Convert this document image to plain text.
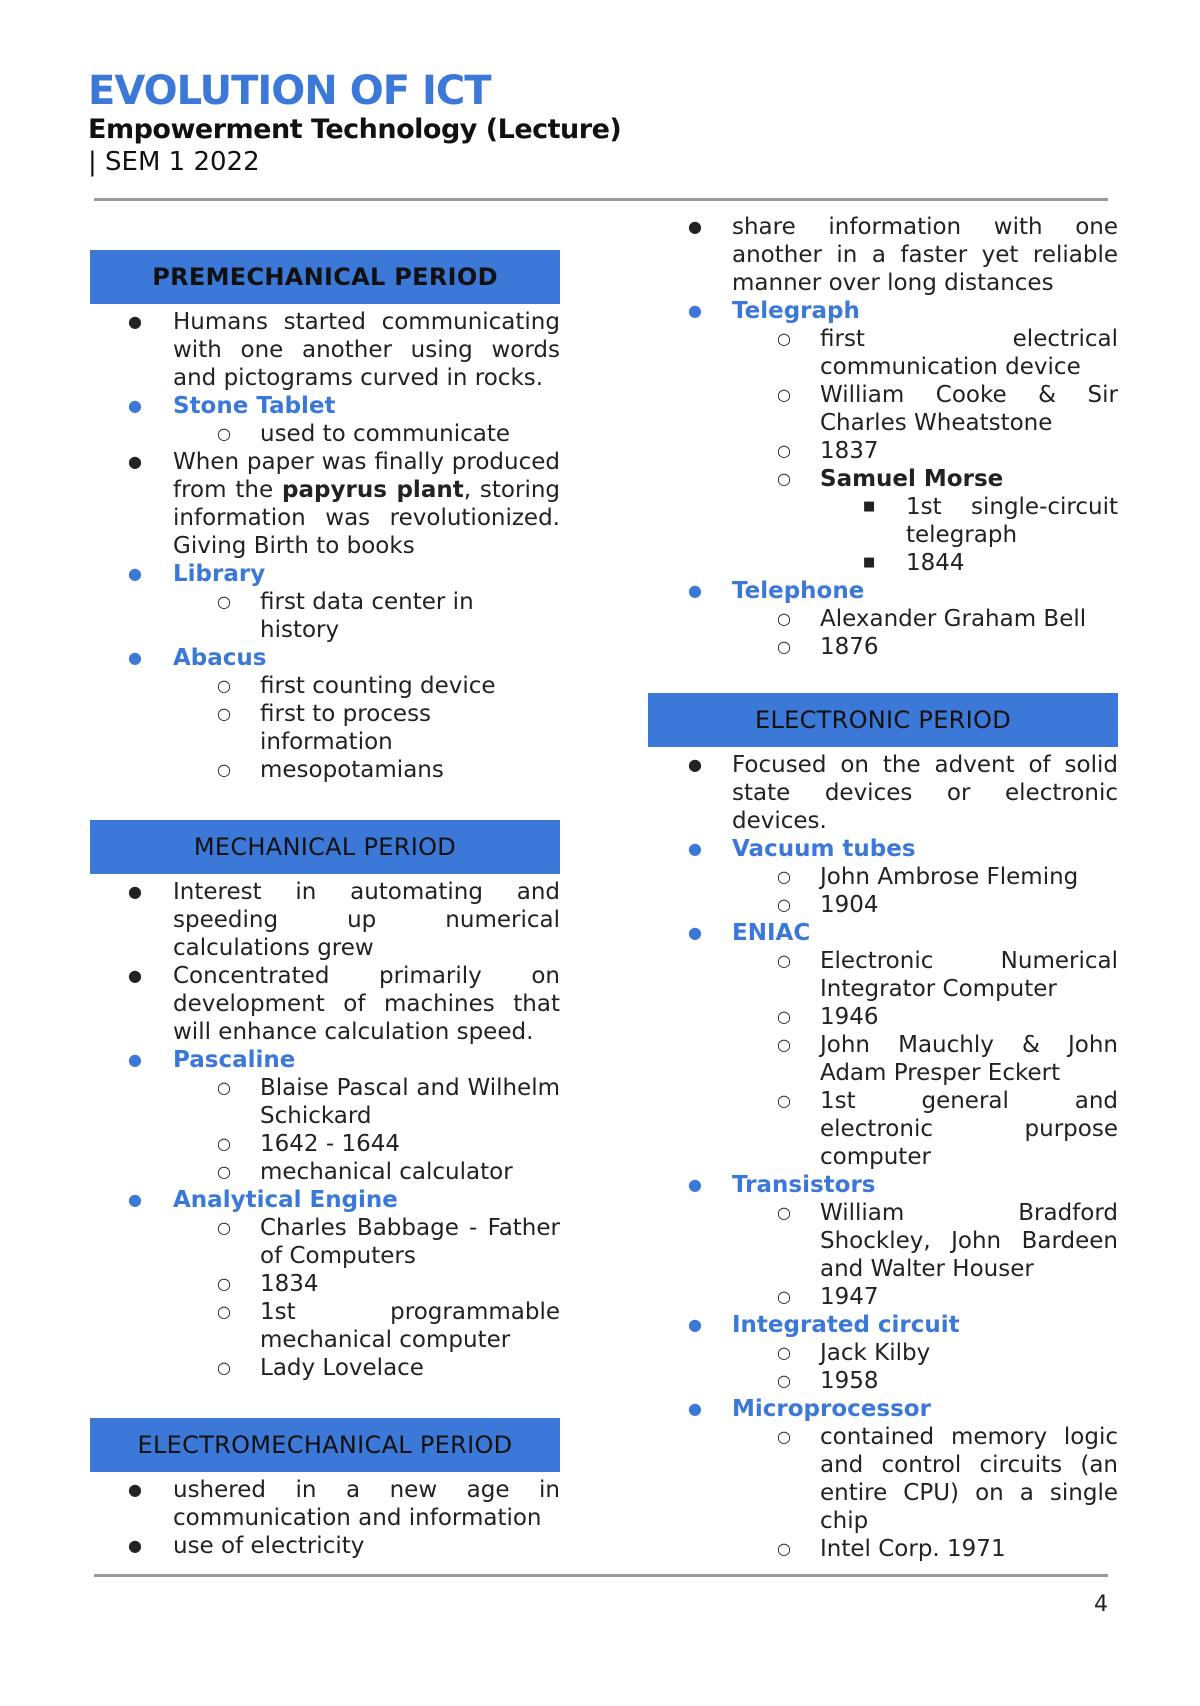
EVOLUTION OF ICT
Empowerment Technology (Lecture)
| SEM 1 2022
PREMECHANICAL PERIOD
● Humans started communicating with one another using words and pictograms curved in rocks.
● Stone Tablet
○ used to communicate
● When paper was finally produced from the papyrus plant, storing information was revolutionized. Giving Birth to books
● Library
○ first data center in history
● Abacus
○ first counting device
○ first to process information
○ mesopotamians
MECHANICAL PERIOD
● Interest in automating and speeding up numerical calculations grew
● Concentrated primarily on development of machines that will enhance calculation speed.
● Pascaline
○ Blaise Pascal and Wilhelm Schickard
○ 1642 - 1644
○ mechanical calculator
● Analytical Engine
○ Charles Babbage - Father of Computers
○ 1834
○ 1st programmable mechanical computer
○ Lady Lovelace
ELECTROMECHANICAL PERIOD
● ushered in a new age in communication and information
● use of electricity
● share information with one another in a faster yet reliable manner over long distances
● Telegraph
○ first electrical communication device
○ William Cooke & Sir Charles Wheatstone
○ 1837
○ Samuel Morse
■ 1st single-circuit telegraph
■ 1844
● Telephone
○ Alexander Graham Bell
○ 1876
ELECTRONIC PERIOD
● Focused on the advent of solid state devices or electronic devices.
● Vacuum tubes
○ John Ambrose Fleming
○ 1904
● ENIAC
○ Electronic Numerical Integrator Computer
○ 1946
○ John Mauchly & John Adam Presper Eckert
○ 1st general and electronic purpose computer
● Transistors
○ William Bradford Shockley, John Bardeen and Walter Houser
○ 1947
● Integrated circuit
○ Jack Kilby
○ 1958
● Microprocessor
○ contained memory logic and control circuits (an entire CPU) on a single chip
○ Intel Corp. 1971
4
